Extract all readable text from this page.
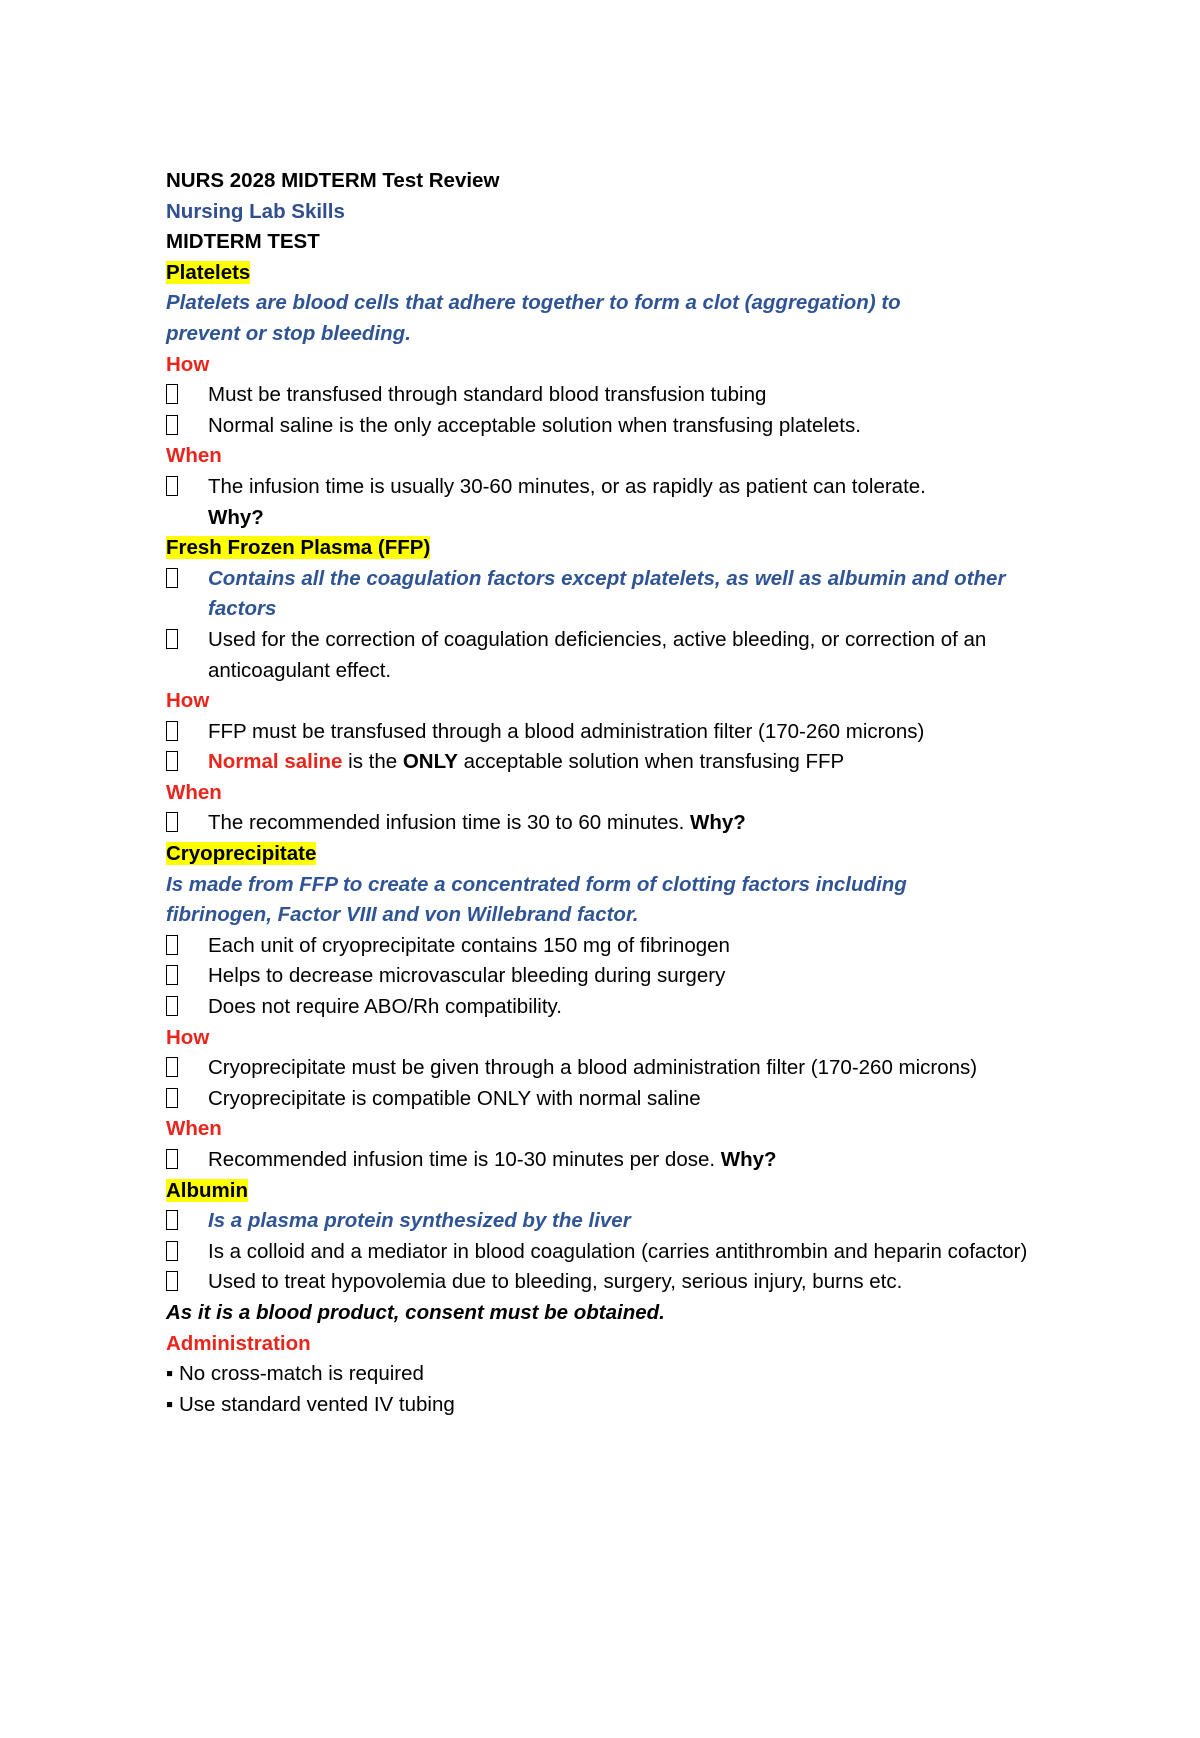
NURS 2028 MIDTERM Test Review
Nursing Lab Skills
MIDTERM TEST
Platelets
Platelets are blood cells that adhere together to form a clot (aggregation) to
prevent or stop bleeding.
How
Must be transfused through standard blood transfusion tubing
Normal saline is the only acceptable solution when transfusing platelets.
When
The infusion time is usually 30-60 minutes, or as rapidly as patient can tolerate.
Why?
Fresh Frozen Plasma (FFP)
Contains all the coagulation factors except platelets, as well as albumin and other factors
Used for the correction of coagulation deficiencies, active bleeding, or correction of an anticoagulant effect.
How
FFP must be transfused through a blood administration filter (170-260 microns)
Normal saline is the ONLY acceptable solution when transfusing FFP
When
The recommended infusion time is 30 to 60 minutes. Why?
Cryoprecipitate
Is made from FFP to create a concentrated form of clotting factors including
fibrinogen, Factor VIII and von Willebrand factor.
Each unit of cryoprecipitate contains 150 mg of fibrinogen
Helps to decrease microvascular bleeding during surgery
Does not require ABO/Rh compatibility.
How
Cryoprecipitate must be given through a blood administration filter (170-260 microns)
Cryoprecipitate is compatible ONLY with normal saline
When
Recommended infusion time is 10-30 minutes per dose. Why?
Albumin
Is a plasma protein synthesized by the liver
Is a colloid and a mediator in blood coagulation (carries antithrombin and heparin cofactor)
Used to treat hypovolemia due to bleeding, surgery, serious injury, burns etc.
As it is a blood product, consent must be obtained.
Administration
▪ No cross-match is required
▪ Use standard vented IV tubing
